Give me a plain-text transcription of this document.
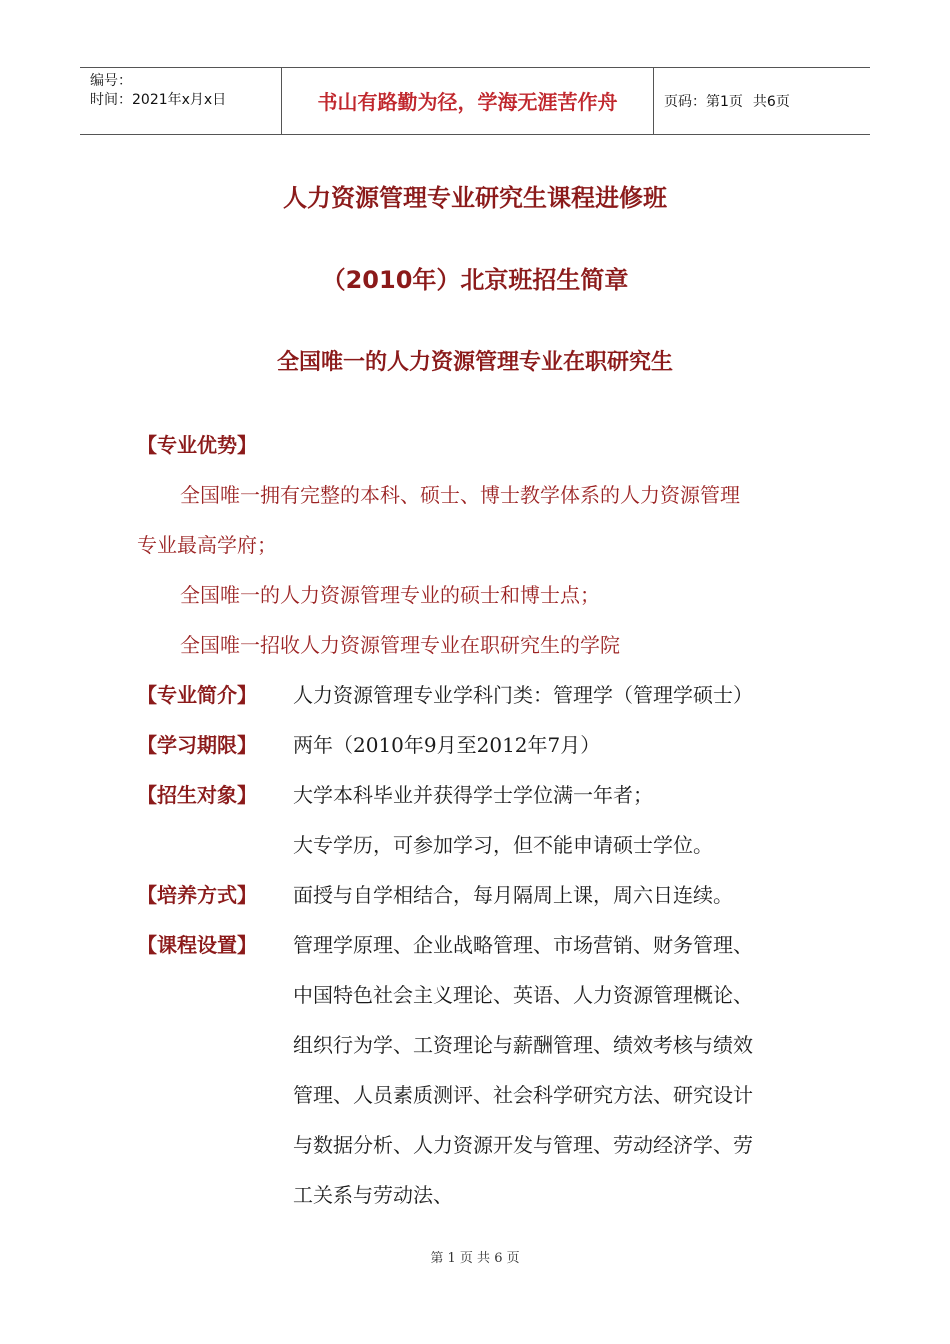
编号：
时间：2021年x月x日	书山有路勤为径，学海无涯苦作舟	页码：第1页 共6页
人力资源管理专业研究生课程进修班
（2010年）北京班招生简章
全国唯一的人力资源管理专业在职研究生
【专业优势】
全国唯一拥有完整的本科、硕士、博士教学体系的人力资源管理
专业最高学府；
全国唯一的人力资源管理专业的硕士和博士点；
全国唯一招收人力资源管理专业在职研究生的学院
【专业简介】	人力资源管理专业学科门类：管理学（管理学硕士）
【学习期限】	两年（2010年9月至2012年7月）
【招生对象】	大学本科毕业并获得学士学位满一年者；
大专学历，可参加学习，但不能申请硕士学位。
【培养方式】	面授与自学相结合，每月隔周上课，周六日连续。
【课程设置】	管理学原理、企业战略管理、市场营销、财务管理、
中国特色社会主义理论、英语、人力资源管理概论、
组织行为学、工资理论与薪酬管理、绩效考核与绩效
管理、人员素质测评、社会科学研究方法、研究设计
与数据分析、人力资源开发与管理、劳动经济学、劳
工关系与劳动法、
第 1 页 共 6 页
